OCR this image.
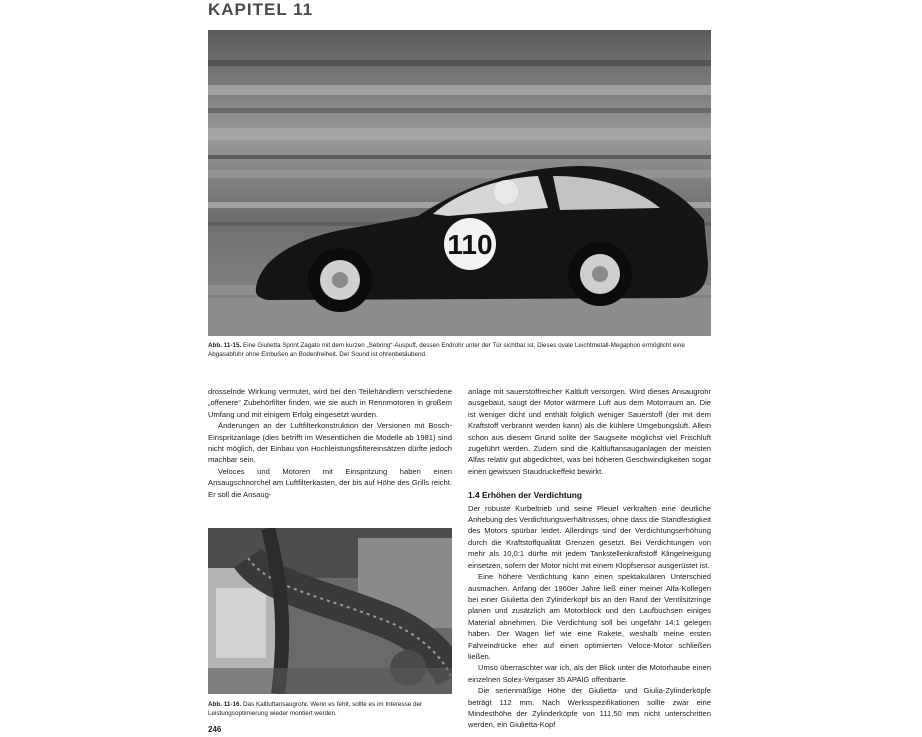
KAPITEL 11
110
Abb. 11-15. Eine Giulietta Sprint Zagato mit dem kurzen „Sebring“-Auspuff, dessen Endrohr unter der Tür sichtbar ist. Dieses ovale Leichtmetall-Megaphon ermöglicht eine Abgasabfuhr ohne Einbußen an Bodenfreiheit. Der Sound ist ohrenbetäubend.

drosselnde Wirkung vermutet, wird bei den Teilehändlern verschiedene „offenere“ Zubehörfilter finden, wie sie auch in Rennmotoren in großem Umfang und mit einigem Erfolg eingesetzt wurden.

Änderungen an der Luftfilterkonstruktion der Versionen mit Bosch-Einspritzanlage (dies betrifft im Wesentlichen die Modelle ab 1981) sind nicht möglich, der Einbau von Hochleistungsfiltereinsätzen dürfte jedoch machbar sein.

Veloces und Motoren mit Einspritzung haben einen Ansaugschnorchel am Luftfilterkasten, der bis auf Höhe des Grills reicht. Er soll die Ansaug-

anlage mit sauerstoffreicher Kaltluft versorgen. Wird dieses Ansaugrohr ausgebaut, saugt der Motor wärmere Luft aus dem Motorraum an. Die ist weniger dicht und enthält folglich weniger Sauerstoff (der mit dem Kraftstoff verbrannt werden kann) als die kühlere Umgebungsluft. Allein schon aus diesem Grund sollte der Saugseite möglichst viel Frischluft zugeführt werden. Zudem sind die Kaltluftansauganlagen der meisten Alfas relativ gut abgedichtet, was bei höheren Geschwindigkeiten sogar einen gewissen Staudruckeffekt bewirkt.

1.4 Erhöhen der Verdichtung

Der robuste Kurbeltrieb und seine Pleuel verkraften eine deutliche Anhebung des Verdichtungsverhältnisses, ohne dass die Standfestigkeit des Motors spürbar leidet. Allerdings sind der Verdichtungserhöhung durch die Kraftstoffqualität Grenzen gesetzt. Bei Verdichtungen von mehr als 10,0:1 dürfte mit jedem Tankstellenkraftstoff Klingelneigung einsetzen, sofern der Motor nicht mit einem Klopfsensor ausgerüstet ist.

Eine höhere Verdichtung kann einen spektakulären Unterschied ausmachen. Anfang der 1960er Jahre ließ einer meiner Alfa-Kollegen bei einer Giulietta den Zylinderkopf bis an den Rand der Ventilsitzringe planen und zusätzlich am Motorblock und den Laufbuchsen einiges Material abnehmen. Die Verdichtung soll bei ungefähr 14:1 gelegen haben. Der Wagen lief wie eine Rakete, weshalb meine ersten Fahreindrücke eher auf einen optimierten Veloce-Motor schließen ließen.

Umso überraschter war ich, als der Blick unter die Motorhaube einen einzelnen Solex-Vergaser 35 APAIG offenbarte.

Die serienmäßige Höhe der Giulietta- und Giulia-Zylinderköpfe beträgt 112 mm. Nach Werksspezifikationen sollte zwar eine Mindesthöhe der Zylinderköpfe von 111,50 mm nicht unterschritten werden, ein Giulietta-Kopf

Abb. 11-16. Das Kaltluftansaugrohr. Wenn es fehlt, sollte es im Interesse der Leistungsoptimierung wieder montiert werden.
246
